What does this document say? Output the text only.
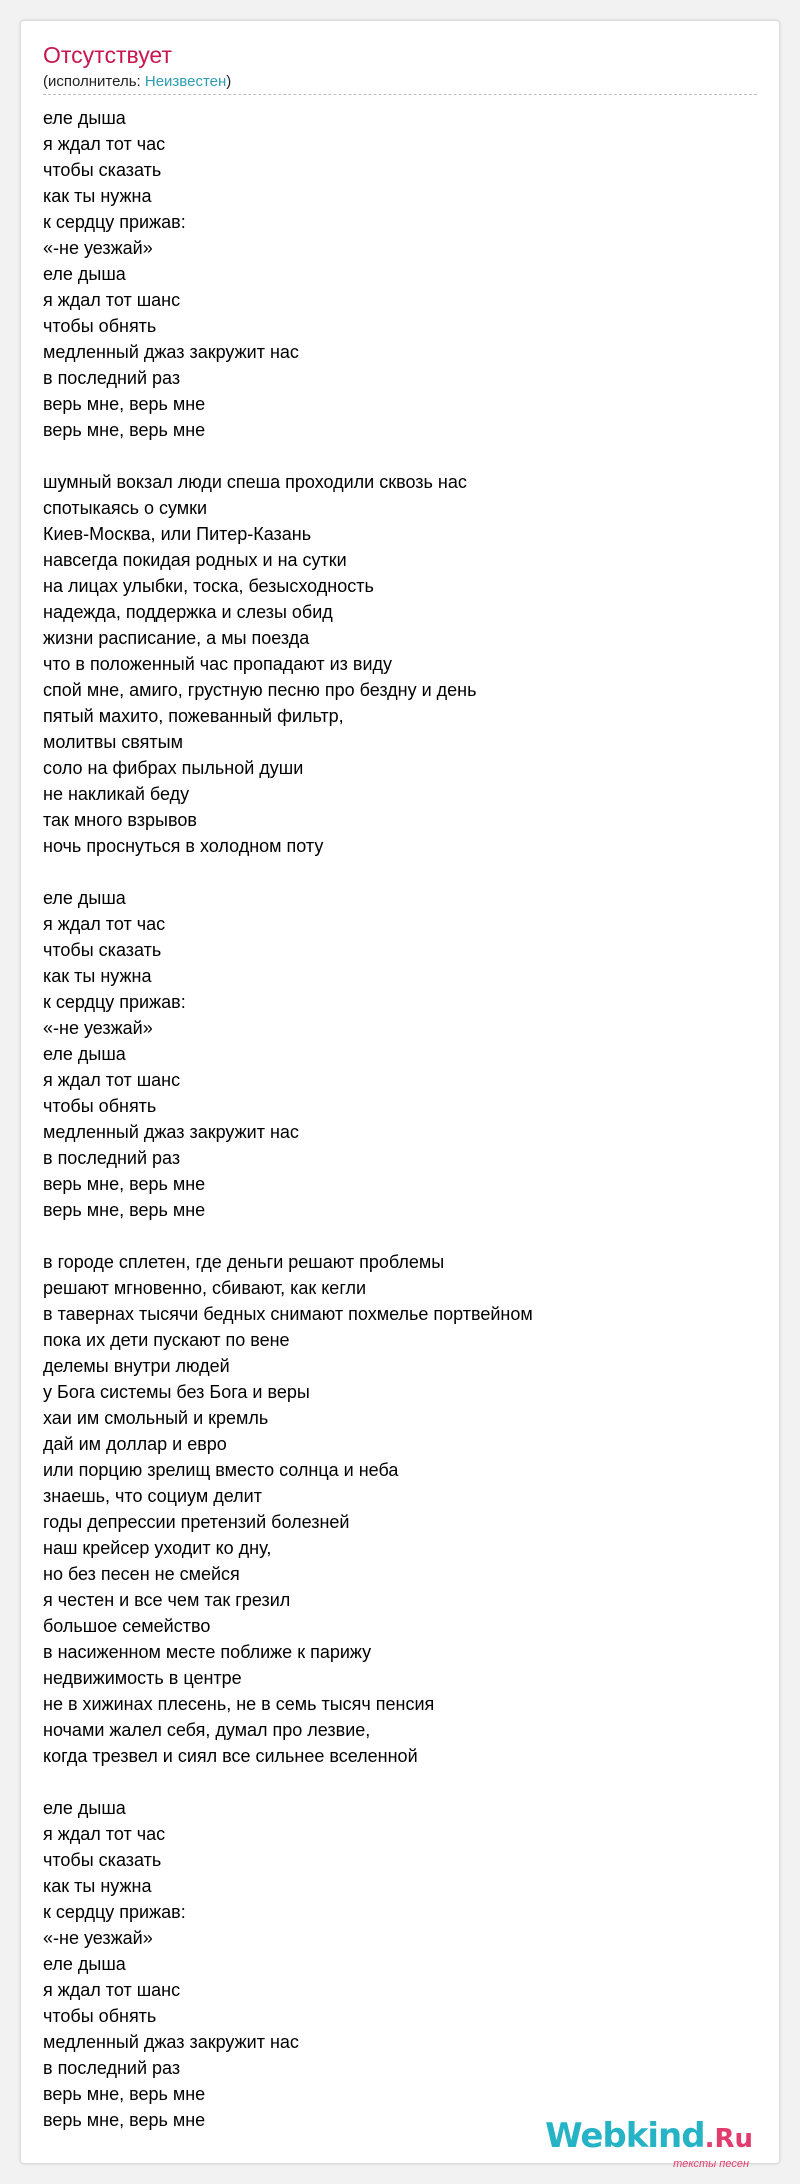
Отсутствует
(исполнитель: Неизвестен)
еле дыша
я ждал тот час
чтобы сказать
как ты нужна
к сердцу прижав:
«-не уезжай»
еле дыша
я ждал тот шанс
чтобы обнять
медленный джаз закружит нас
в последний раз
верь мне, верь мне
верь мне, верь мне
шумный вокзал люди спеша проходили сквозь нас
спотыкаясь о сумки
Киев-Москва, или Питер-Казань
навсегда покидая родных и на сутки
на лицах улыбки, тоска, безысходность
надежда, поддержка и слезы обид
жизни расписание, а мы поезда
что в положенный час пропадают из виду
спой мне, амиго, грустную песню про бездну и день
пятый махито, пожеванный фильтр,
молитвы святым
соло на фибрах пыльной души
не накликай беду
так много взрывов
ночь проснуться в холодном поту
еле дыша
я ждал тот час
чтобы сказать
как ты нужна
к сердцу прижав:
«-не уезжай»
еле дыша
я ждал тот шанс
чтобы обнять
медленный джаз закружит нас
в последний раз
верь мне, верь мне
верь мне, верь мне
в городе сплетен, где деньги решают проблемы
решают мгновенно, сбивают, как кегли
в тавернах тысячи бедных снимают похмелье портвейном
пока их дети пускают по вене
делемы внутри людей
у Бога системы без Бога и веры
хаи им смольный и кремль
дай им доллар и евро
или порцию зрелищ вместо солнца и неба
знаешь, что социум делит
годы депрессии претензий болезней
наш крейсер уходит ко дну,
но без песен не смейся
я честен и все чем так грезил
большое семейство
в насиженном месте поближе к парижу
недвижимость в центре
не в хижинах плесень, не в семь тысяч пенсия
ночами жалел себя, думал про лезвие,
когда трезвел и сиял все сильнее вселенной
еле дыша
я ждал тот час
чтобы сказать
как ты нужна
к сердцу прижав:
«-не уезжай»
еле дыша
я ждал тот шанс
чтобы обнять
медленный джаз закружит нас
в последний раз
верь мне, верь мне
верь мне, верь мне	Webkind.Ru
тексты песен
